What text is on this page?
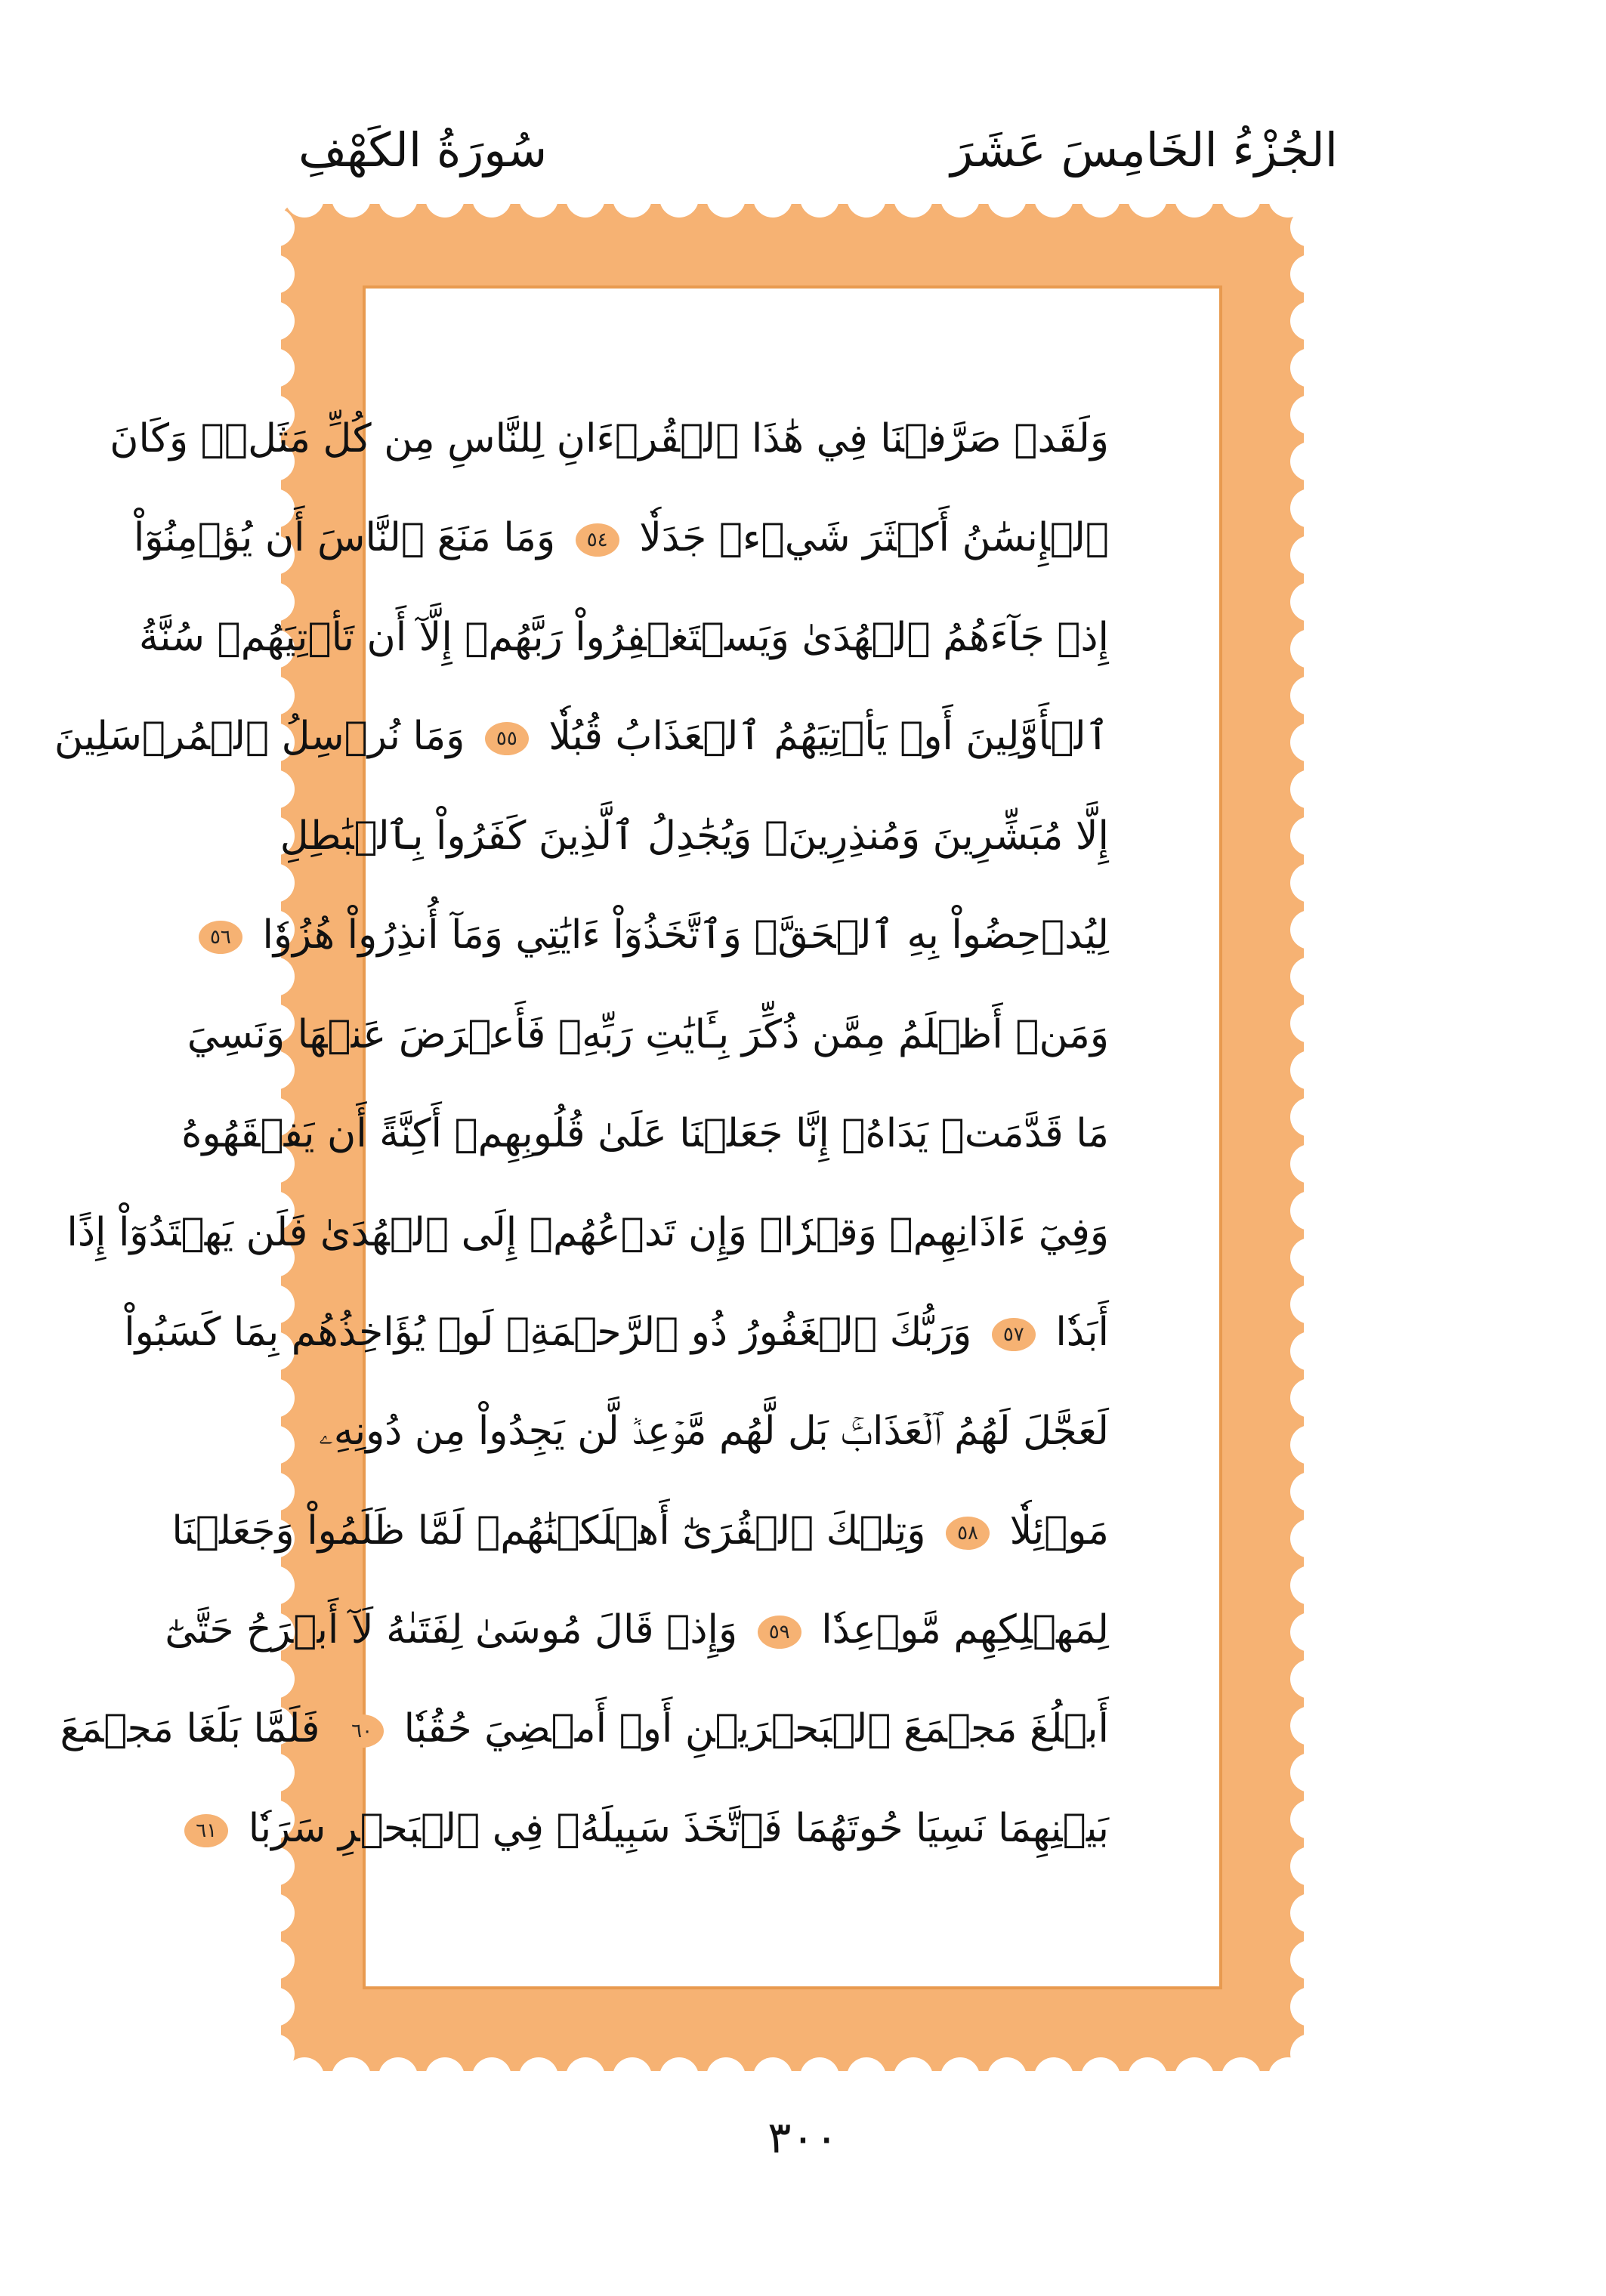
الجُزْءُ الخَامِسَ عَشَرَ
سُورَةُ الكَهْفِ
وَلَقَدۡ صَرَّفۡنَا فِي هَٰذَا ٱلۡقُرۡءَانِ لِلنَّاسِ مِن كُلِّ مَثَلٖۚ وَكَانَ
ٱلۡإِنسَٰنُ أَكۡثَرَ شَيۡءٖ جَدَلٗا ٥٤ وَمَا مَنَعَ ٱلنَّاسَ أَن يُؤۡمِنُوٓاْ
إِذۡ جَآءَهُمُ ٱلۡهُدَىٰ وَيَسۡتَغۡفِرُواْ رَبَّهُمۡ إِلَّآ أَن تَأۡتِيَهُمۡ سُنَّةُ
ٱلۡأَوَّلِينَ أَوۡ يَأۡتِيَهُمُ ٱلۡعَذَابُ قُبُلٗا ٥٥ وَمَا نُرۡسِلُ ٱلۡمُرۡسَلِينَ
إِلَّا مُبَشِّرِينَ وَمُنذِرِينَۚ وَيُجَٰدِلُ ٱلَّذِينَ كَفَرُواْ بِٱلۡبَٰطِلِ
لِيُدۡحِضُواْ بِهِ ٱلۡحَقَّۖ وَٱتَّخَذُوٓاْ ءَايَٰتِي وَمَآ أُنذِرُواْ هُزُوٗا ٥٦
وَمَنۡ أَظۡلَمُ مِمَّن ذُكِّرَ بِـَٔايَٰتِ رَبِّهِۦ فَأَعۡرَضَ عَنۡهَا وَنَسِيَ
مَا قَدَّمَتۡ يَدَاهُۚ إِنَّا جَعَلۡنَا عَلَىٰ قُلُوبِهِمۡ أَكِنَّةً أَن يَفۡقَهُوهُ
وَفِيٓ ءَاذَانِهِمۡ وَقۡرٗاۖ وَإِن تَدۡعُهُمۡ إِلَى ٱلۡهُدَىٰ فَلَن يَهۡتَدُوٓاْ إِذًا
أَبَدٗا ٥٧ وَرَبُّكَ ٱلۡغَفُورُ ذُو ٱلرَّحۡمَةِۖ لَوۡ يُؤَاخِذُهُم بِمَا كَسَبُواْ
لَعَجَّلَ لَهُمُ ٱلۡعَذَابَۚ بَل لَّهُم مَّوۡعِدٞ لَّن يَجِدُواْ مِن دُونِهِۦ
مَوۡئِلٗا ٥٨ وَتِلۡكَ ٱلۡقُرَىٰٓ أَهۡلَكۡنَٰهُمۡ لَمَّا ظَلَمُواْ وَجَعَلۡنَا
لِمَهۡلِكِهِم مَّوۡعِدٗا ٥٩ وَإِذۡ قَالَ مُوسَىٰ لِفَتَىٰهُ لَآ أَبۡرَحُ حَتَّىٰٓ
أَبۡلُغَ مَجۡمَعَ ٱلۡبَحۡرَيۡنِ أَوۡ أَمۡضِيَ حُقُبٗا ٦٠ فَلَمَّا بَلَغَا مَجۡمَعَ
بَيۡنِهِمَا نَسِيَا حُوتَهُمَا فَٱتَّخَذَ سَبِيلَهُۥ فِي ٱلۡبَحۡرِ سَرَبٗا ٦١
٣٠٠
